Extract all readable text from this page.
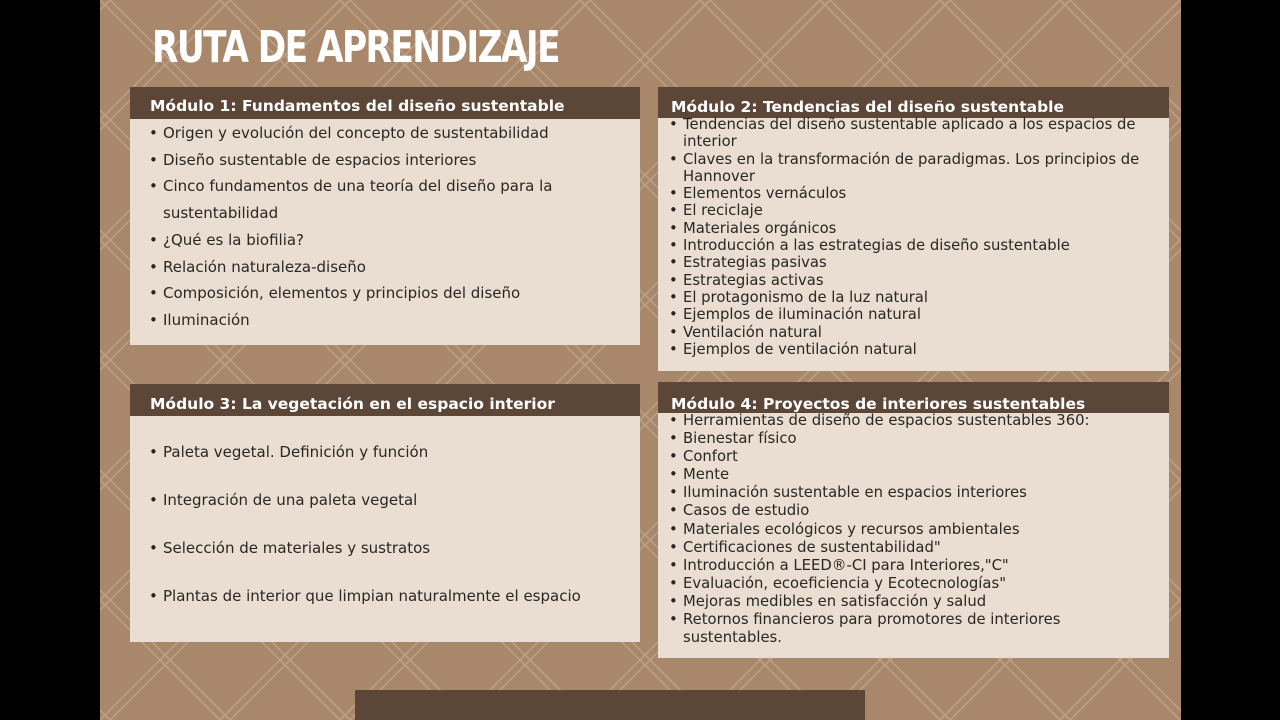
RUTA DE APRENDIZAJE
Módulo 1: Fundamentos del diseño sustentable
• Origen y evolución del concepto de sustentabilidad
• Diseño sustentable de espacios interiores
• Cinco fundamentos de una teoría del diseño para la sustentabilidad
• ¿Qué es la biofilia?
• Relación naturaleza-diseño
• Composición, elementos y principios del diseño
• Iluminación
Módulo 2: Tendencias del diseño sustentable
• Tendencias del diseño sustentable aplicado a los espacios de interior
• Claves en la transformación de paradigmas. Los principios de Hannover
• Elementos vernáculos
• El reciclaje
• Materiales orgánicos
• Introducción a las estrategias de diseño sustentable
• Estrategias pasivas
• Estrategias activas
• El protagonismo de la luz natural
• Ejemplos de iluminación natural
• Ventilación natural
• Ejemplos de ventilación natural
Módulo 3: La vegetación en el espacio interior
• Paleta vegetal. Definición y función
• Integración de una paleta vegetal
• Selección de materiales y sustratos
• Plantas de interior que limpian naturalmente el espacio
Módulo 4: Proyectos de interiores sustentables
• Herramientas de diseño de espacios sustentables 360:
• Bienestar físico
• Confort
• Mente
• Iluminación sustentable en espacios interiores
• Casos de estudio
• Materiales ecológicos y recursos ambientales
• Certificaciones de sustentabilidad"
• Introducción a LEED®-CI para Interiores,"C"
• Evaluación, ecoeficiencia y Ecotecnologías"
• Mejoras medibles en satisfacción y salud
• Retornos financieros para promotores de interiores sustentables.
